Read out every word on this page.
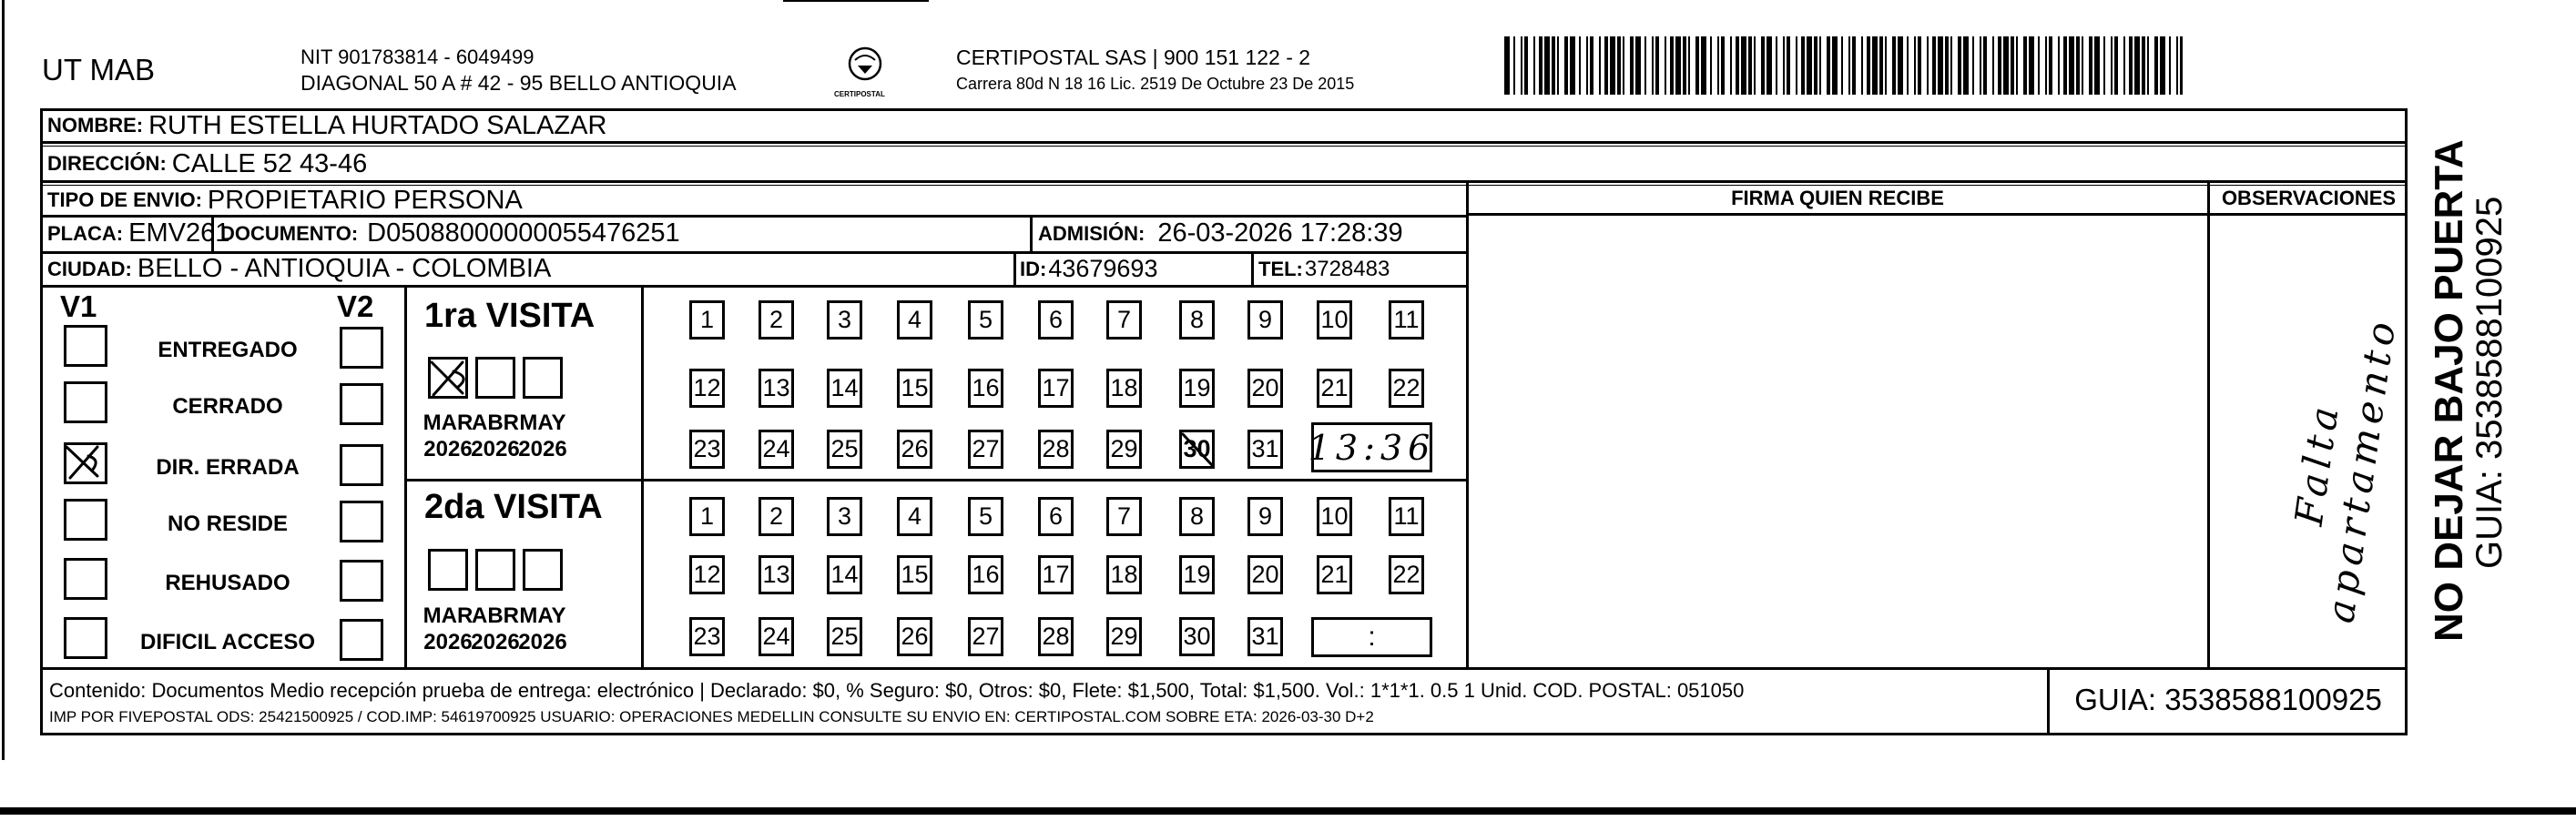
UT MAB	NIT 901783814 - 6049499
DIAGONAL 50 A # 42 - 95 BELLO ANTIOQUIA	CERTIPOSTAL
CERTIPOSTAL SAS | 900 151 122 - 2
Carrera 80d N 18 16 Lic. 2519 De Octubre 23 De 2015
NOMBRE: RUTH ESTELLA HURTADO SALAZAR
DIRECCIÓN: CALLE 52 43-46
TIPO DE ENVIO: PROPIETARIO PERSONA
PLACA: EMV261
DOCUMENTO: D05088000000055476251	ADMISIÓN: 26-03-2026 17:28:39
CIUDAD: BELLO - ANTIOQUIA - COLOMBIA	ID: 43679693	TEL: 3728483
FIRMA QUIEN RECIBE	OBSERVACIONES
Falta apartamento
V1	V2
ENTREGADO
CERRADO
DIR. ERRADA
NO RESIDE
REHUSADO
DIFICIL ACCESO
1ra VISITA
2da VISITA
MAR
2026
ABR
2026
MAY
2026
MAR
2026
ABR
2026
MAY
2026
1	2	3	4	5	6	7	8	9	10 11
12 13 14 15 16 17 18 19 20 21 22
23 24 25 26 27 28 29 30 31 13:36
1	2	3	4	5	6	7	8	9	10 11
12 13 14 15 16 17 18 19 20 21 22
23 24 25 26 27 28 29 30 31	:
Contenido: Documentos Medio recepción prueba de entrega: electrónico | Declarado: $0, % Seguro: $0, Otros: $0, Flete: $1,500, Total: $1,500. Vol.: 1*1*1. 0.5 1 Unid. COD. POSTAL: 051050
IMP POR FIVEPOSTAL ODS: 25421500925 / COD.IMP: 54619700925 USUARIO: OPERACIONES MEDELLIN CONSULTE SU ENVIO EN: CERTIPOSTAL.COM SOBRE ETA: 2026-03-30 D+2
GUIA: 3538588100925
NO DEJAR BAJO PUERTA
GUIA: 3538588100925
